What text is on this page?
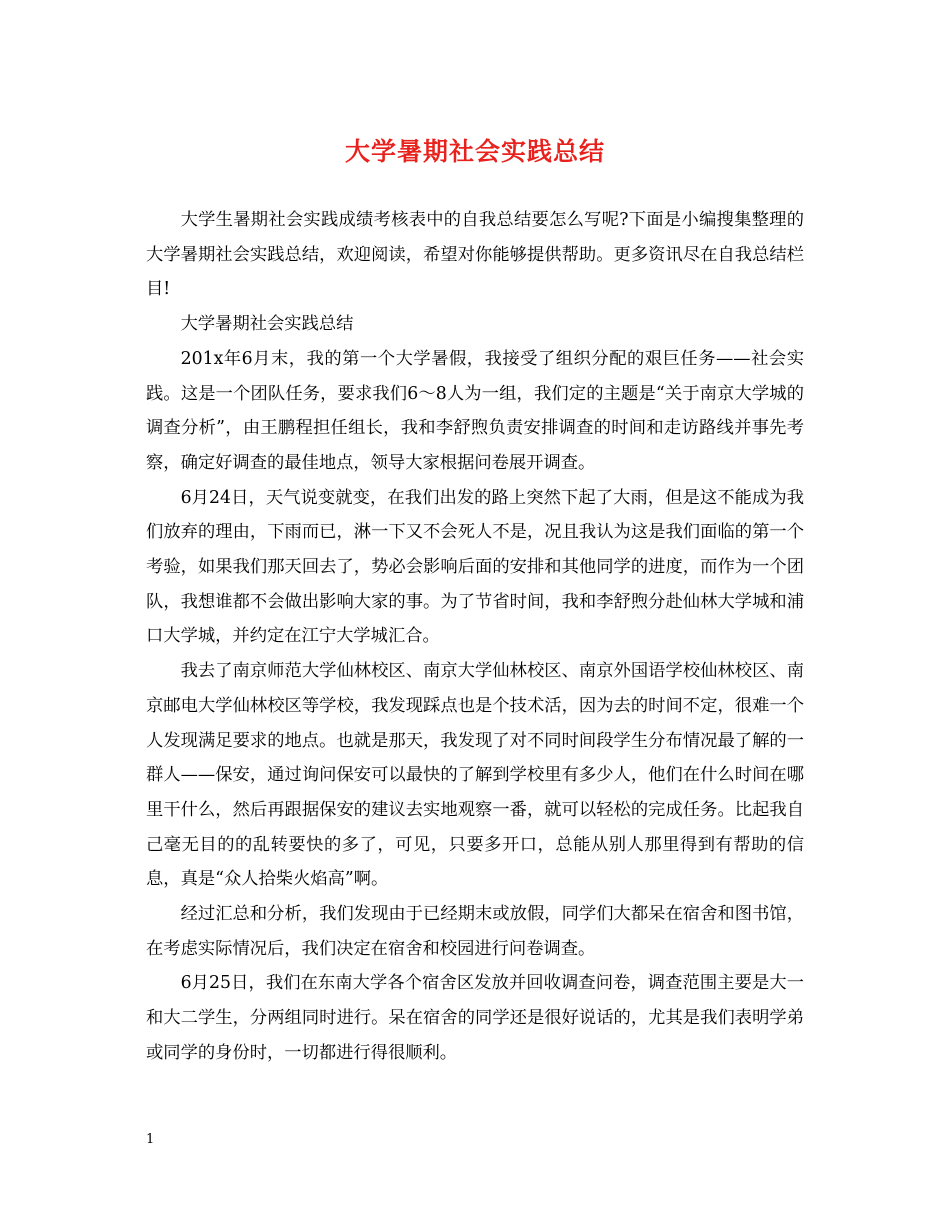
大学暑期社会实践总结

大学生暑期社会实践成绩考核表中的自我总结要怎么写呢?下面是小编搜集整理的大学暑期社会实践总结，欢迎阅读，希望对你能够提供帮助。更多资讯尽在自我总结栏目!

大学暑期社会实践总结

201x年6月末，我的第一个大学暑假，我接受了组织分配的艰巨任务——社会实践。这是一个团队任务，要求我们6～8人为一组，我们定的主题是“关于南京大学城的调查分析”，由王鹏程担任组长，我和李舒煦负责安排调查的时间和走访路线并事先考察，确定好调查的最佳地点，领导大家根据问卷展开调查。

6月24日，天气说变就变，在我们出发的路上突然下起了大雨，但是这不能成为我们放弃的理由，下雨而已，淋一下又不会死人不是，况且我认为这是我们面临的第一个考验，如果我们那天回去了，势必会影响后面的安排和其他同学的进度，而作为一个团队，我想谁都不会做出影响大家的事。为了节省时间，我和李舒煦分赴仙林大学城和浦口大学城，并约定在江宁大学城汇合。

我去了南京师范大学仙林校区、南京大学仙林校区、南京外国语学校仙林校区、南京邮电大学仙林校区等学校，我发现踩点也是个技术活，因为去的时间不定，很难一个人发现满足要求的地点。也就是那天，我发现了对不同时间段学生分布情况最了解的一群人——保安，通过询问保安可以最快的了解到学校里有多少人，他们在什么时间在哪里干什么，然后再跟据保安的建议去实地观察一番，就可以轻松的完成任务。比起我自己毫无目的的乱转要快的多了，可见，只要多开口，总能从别人那里得到有帮助的信息，真是“众人拾柴火焰高”啊。

经过汇总和分析，我们发现由于已经期末或放假，同学们大都呆在宿舍和图书馆，在考虑实际情况后，我们决定在宿舍和校园进行问卷调查。

6月25日，我们在东南大学各个宿舍区发放并回收调查问卷，调查范围主要是大一和大二学生，分两组同时进行。呆在宿舍的同学还是很好说话的，尤其是我们表明学弟或同学的身份时，一切都进行得很顺利。

1
